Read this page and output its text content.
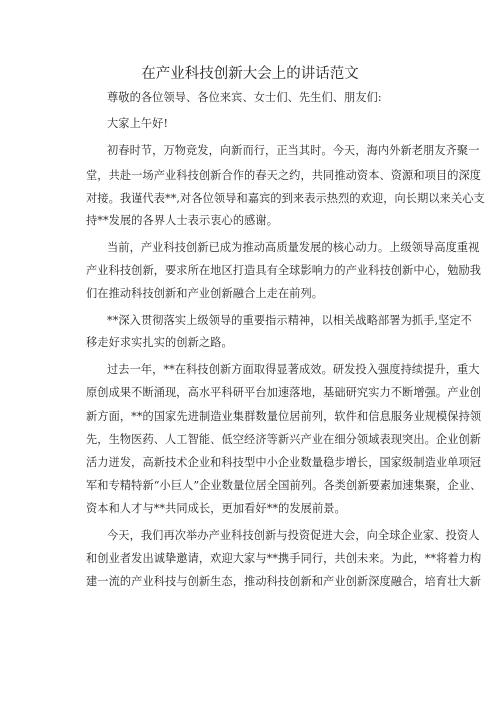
在产业科技创新大会上的讲话范文
尊敬的各位领导、各位来宾、女士们、先生们、朋友们:
大家上午好!
初春时节，万物竞发，向新而行，正当其时。今天，海内外新老朋友齐聚一
堂，共赴一场产业科技创新合作的春天之约，共同推动资本、资源和项目的深度
对接。我谨代表**,对各位领导和嘉宾的到来表示热烈的欢迎，向长期以来关心支
持**发展的各界人士表示衷心的感谢。
当前，产业科技创新已成为推动高质量发展的核心动力。上级领导高度重视
产业科技创新，要求所在地区打造具有全球影响力的产业科技创新中心，勉励我
们在推动科技创新和产业创新融合上走在前列。
**深入贯彻落实上级领导的重要指示精神，以相关战略部署为抓手,坚定不
移走好求实扎实的创新之路。
过去一年，**在科技创新方面取得显著成效。研发投入强度持续提升，重大
原创成果不断涌现，高水平科研平台加速落地，基础研究实力不断增强。产业创
新方面，**的国家先进制造业集群数量位居前列，软件和信息服务业规模保持领
先，生物医药、人工智能、低空经济等新兴产业在细分领域表现突出。企业创新
活力迸发，高新技术企业和科技型中小企业数量稳步增长，国家级制造业单项冠
军和专精特新“小巨人”企业数量位居全国前列。各类创新要素加速集聚，企业、
资本和人才与**共同成长，更加看好**的发展前景。
今天，我们再次举办产业科技创新与投资促进大会，向全球企业家、投资人
和创业者发出诚挚邀请，欢迎大家与**携手同行，共创未来。为此，**将着力构
建一流的产业科技与创新生态，推动科技创新和产业创新深度融合，培育壮大新
